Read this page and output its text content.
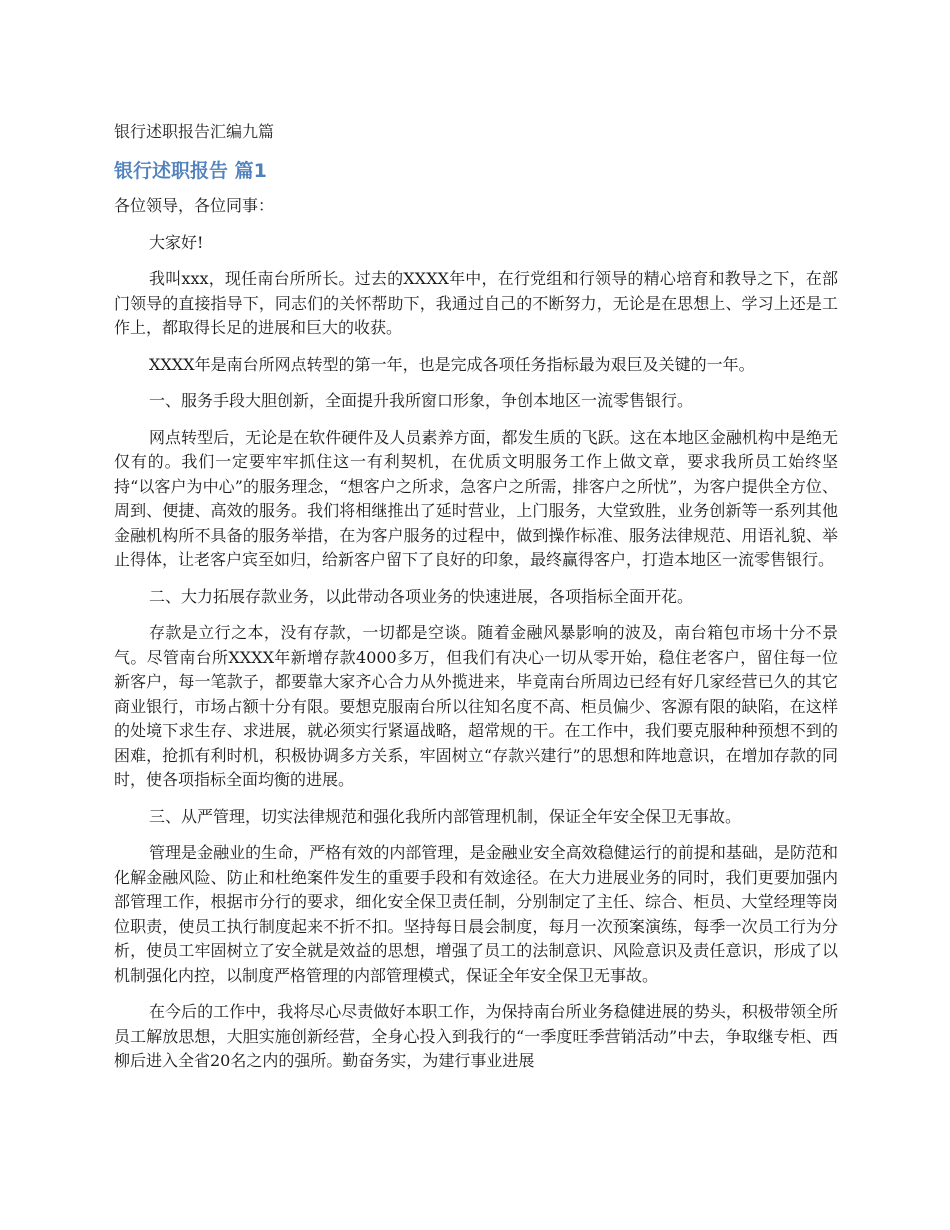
银行述职报告汇编九篇
银行述职报告 篇1

各位领导，各位同事：

大家好!

我叫xxx，现任南台所所长。过去的XXXX年中，在行党组和行领导的精心培育和教导之下，在部门领导的直接指导下，同志们的关怀帮助下，我通过自己的不断努力，无论是在思想上、学习上还是工作上，都取得长足的进展和巨大的收获。

XXXX年是南台所网点转型的第一年，也是完成各项任务指标最为艰巨及关键的一年。

一、服务手段大胆创新，全面提升我所窗口形象，争创本地区一流零售银行。

网点转型后，无论是在软件硬件及人员素养方面，都发生质的飞跃。这在本地区金融机构中是绝无仅有的。我们一定要牢牢抓住这一有利契机，在优质文明服务工作上做文章，要求我所员工始终坚持“以客户为中心”的服务理念，“想客户之所求，急客户之所需，排客户之所忧”，为客户提供全方位、周到、便捷、高效的服务。我们将相继推出了延时营业，上门服务，大堂致胜，业务创新等一系列其他金融机构所不具备的服务举措，在为客户服务的过程中，做到操作标准、服务法律规范、用语礼貌、举止得体，让老客户宾至如归，给新客户留下了良好的印象，最终赢得客户，打造本地区一流零售银行。

二、大力拓展存款业务，以此带动各项业务的快速进展，各项指标全面开花。

存款是立行之本，没有存款，一切都是空谈。随着金融风暴影响的波及，南台箱包市场十分不景气。尽管南台所XXXX年新增存款4000多万，但我们有决心一切从零开始，稳住老客户，留住每一位新客户，每一笔款子，都要靠大家齐心合力从外揽进来，毕竟南台所周边已经有好几家经营已久的其它商业银行，市场占额十分有限。要想克服南台所以往知名度不高、柜员偏少、客源有限的缺陷，在这样的处境下求生存、求进展，就必须实行紧逼战略，超常规的干。在工作中，我们要克服种种预想不到的困难，抢抓有利时机，积极协调多方关系，牢固树立“存款兴建行”的思想和阵地意识，在增加存款的同时，使各项指标全面均衡的进展。

三、从严管理，切实法律规范和强化我所内部管理机制，保证全年安全保卫无事故。

管理是金融业的生命，严格有效的内部管理，是金融业安全高效稳健运行的前提和基础，是防范和化解金融风险、防止和杜绝案件发生的重要手段和有效途径。在大力进展业务的同时，我们更要加强内部管理工作，根据市分行的要求，细化安全保卫责任制，分别制定了主任、综合、柜员、大堂经理等岗位职责，使员工执行制度起来不折不扣。坚持每日晨会制度，每月一次预案演练，每季一次员工行为分析，使员工牢固树立了安全就是效益的思想，增强了员工的法制意识、风险意识及责任意识，形成了以机制强化内控，以制度严格管理的内部管理模式，保证全年安全保卫无事故。

在今后的工作中，我将尽心尽责做好本职工作，为保持南台所业务稳健进展的势头，积极带领全所员工解放思想，大胆实施创新经营，全身心投入到我行的“一季度旺季营销活动”中去，争取继专柜、西柳后进入全省20名之内的强所。勤奋务实，为建行事业进展
